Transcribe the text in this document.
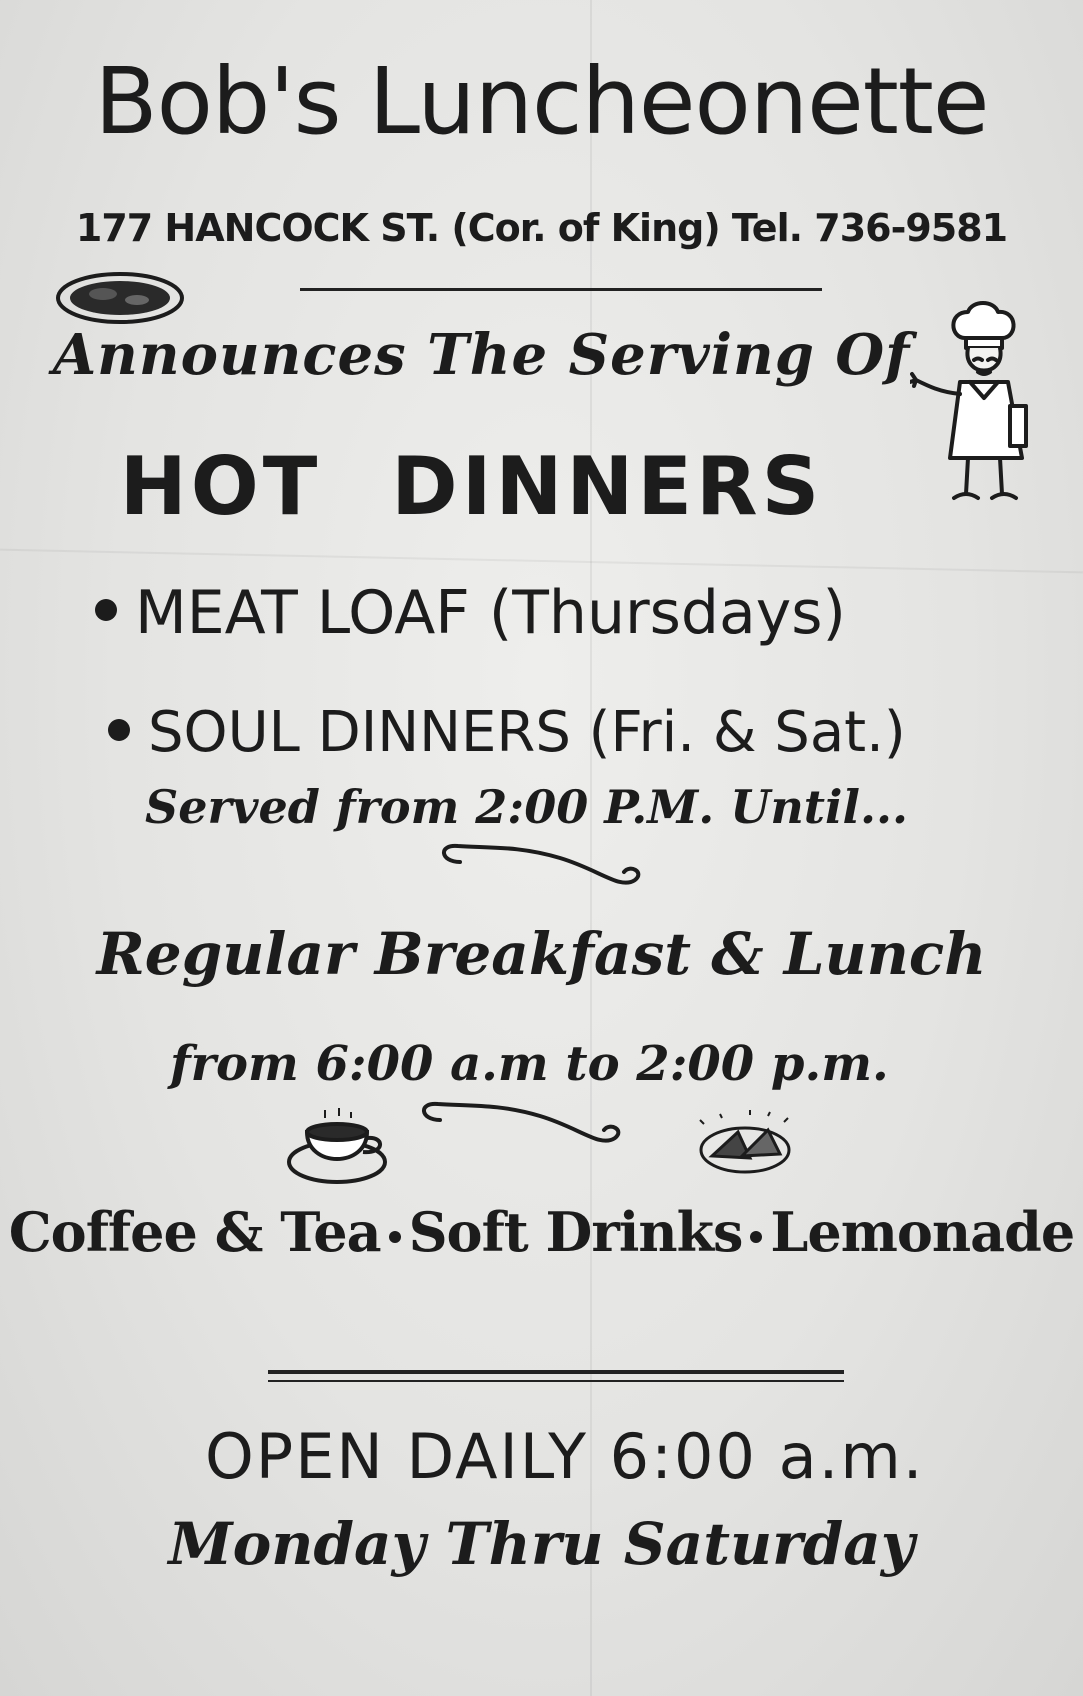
Bob's Luncheonette
177 HANCOCK ST. (Cor. of King) Tel. 736-9581
Announces The Serving Of
HOT DINNERS
MEAT LOAF (Thursdays)
SOUL DINNERS (Fri. & Sat.)
Served from 2:00 P.M. Until...
Regular Breakfast & Lunch
from 6:00 a.m to 2:00 p.m.
Coffee & Tea Soft Drinks Lemonade
OPEN DAILY 6:00 a.m.
Monday Thru Saturday
